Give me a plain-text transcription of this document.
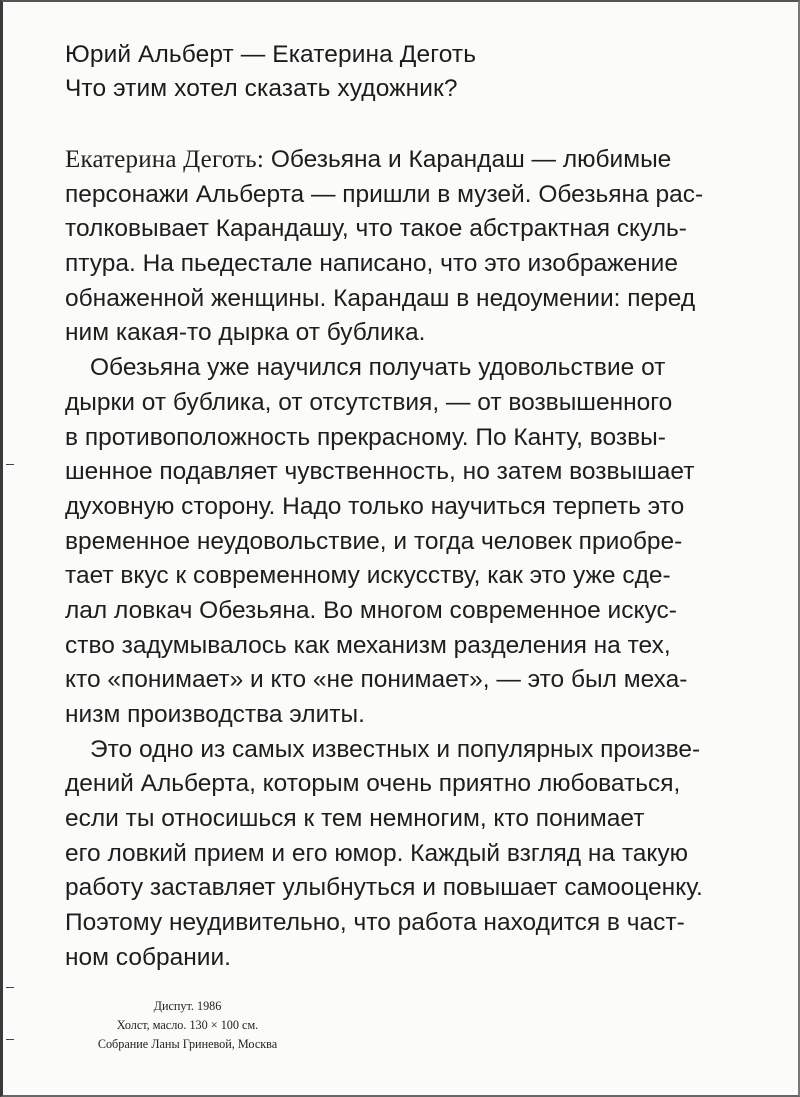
Юрий Альберт — Екатерина Деготь
Что этим хотел сказать художник?
Екатерина Деготь: Обезьяна и Карандаш — любимые
персонажи Альберта — пришли в музей. Обезьяна рас-
толковывает Карандашу, что такое абстрактная скуль-
птура. На пьедестале написано, что это изображение
обнаженной женщины. Карандаш в недоумении: перед
ним какая-то дырка от бублика.
Обезьяна уже научился получать удовольствие от
дырки от бублика, от отсутствия, — от возвышенного
в противоположность прекрасному. По Канту, возвы-
шенное подавляет чувственность, но затем возвышает
духовную сторону. Надо только научиться терпеть это
временное неудовольствие, и тогда человек приобре-
тает вкус к современному искусству, как это уже сде-
лал ловкач Обезьяна. Во многом современное искус-
ство задумывалось как механизм разделения на тех,
кто «понимает» и кто «не понимает», — это был меха-
низм производства элиты.
Это одно из самых известных и популярных произве-
дений Альберта, которым очень приятно любоваться,
если ты относишься к тем немногим, кто понимает
его ловкий прием и его юмор. Каждый взгляд на такую
работу заставляет улыбнуться и повышает самооценку.
Поэтому неудивительно, что работа находится в част-
ном собрании.
Диспут. 1986
Холст, масло. 130 × 100 см.
Собрание Ланы Гриневой, Москва
